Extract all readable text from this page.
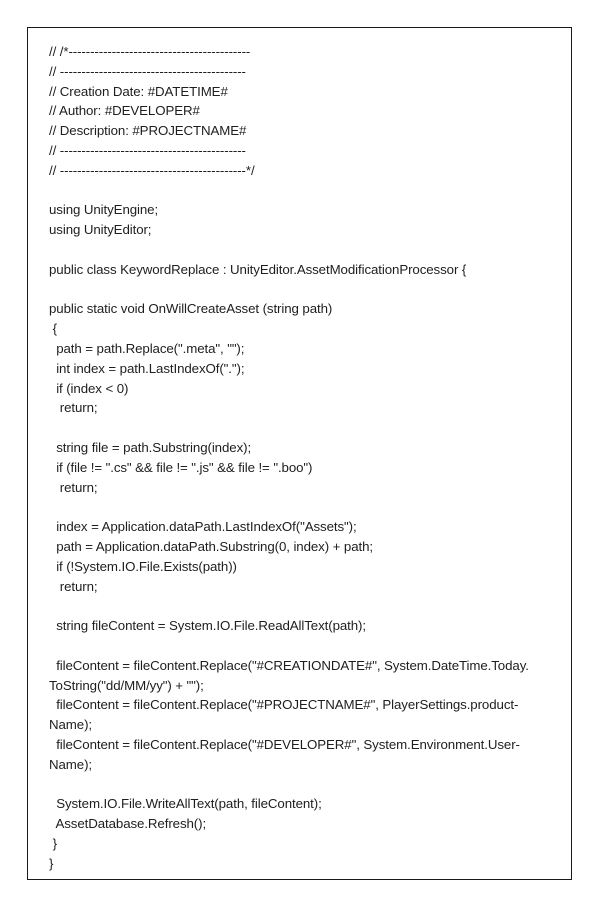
// /*------------------------------------------
// -------------------------------------------
// Creation Date: #DATETIME#
// Author: #DEVELOPER#
// Description: #PROJECTNAME#
// -------------------------------------------
// -------------------------------------------*/
using UnityEngine;
using UnityEditor;
public class KeywordReplace : UnityEditor.AssetModificationProcessor {
public static void OnWillCreateAsset (string path)
{
path = path.Replace(".meta", "");
int index = path.LastIndexOf(".");
if (index < 0)
return;
string file = path.Substring(index);
if (file != ".cs" && file != ".js" && file != ".boo")
return;
index = Application.dataPath.LastIndexOf("Assets");
path = Application.dataPath.Substring(0, index) + path;
if (!System.IO.File.Exists(path))
return;
string fileContent = System.IO.File.ReadAllText(path);
fileContent = fileContent.Replace("#CREATIONDATE#", System.DateTime.Today.
ToString("dd/MM/yy") + "");
fileContent = fileContent.Replace("#PROJECTNAME#", PlayerSettings.product-
Name);
fileContent = fileContent.Replace("#DEVELOPER#", System.Environment.User-
Name);
System.IO.File.WriteAllText(path, fileContent);
AssetDatabase.Refresh();
}
}
